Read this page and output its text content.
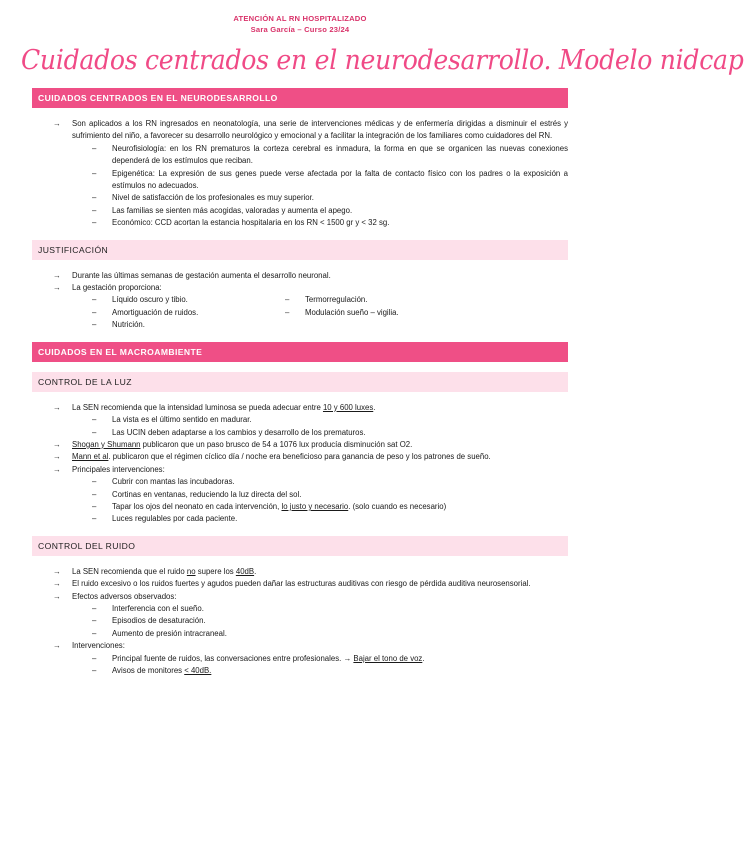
ATENCIÓN AL RN HOSPITALIZADO
Sara García – Curso 23/24
Cuidados centrados en el neurodesarrollo. Modelo nidcap
CUIDADOS CENTRADOS EN EL NEURODESARROLLO
→ Son aplicados a los RN ingresados en neonatología, una serie de intervenciones médicas y de enfermería dirigidas a disminuir el estrés y sufrimiento del niño, a favorecer su desarrollo neurológico y emocional y a facilitar la integración de los familiares como cuidadores del RN.
– Neurofisiología: en los RN prematuros la corteza cerebral es inmadura, la forma en que se organicen las nuevas conexiones dependerá de los estímulos que reciban.
– Epigenética: La expresión de sus genes puede verse afectada por la falta de contacto físico con los padres o la exposición a estímulos no adecuados.
– Nivel de satisfacción de los profesionales es muy superior.
– Las familias se sienten más acogidas, valoradas y aumenta el apego.
– Económico: CCD acortan la estancia hospitalaria en los RN < 1500 gr y < 32 sg.
JUSTIFICACIÓN
→ Durante las últimas semanas de gestación aumenta el desarrollo neuronal.
→ La gestación proporciona:
– Líquido oscuro y tibio.
– Amortiguación de ruidos.
– Nutrición.
– Termorregulación.
– Modulación sueño – vigilia.
CUIDADOS EN EL MACROAMBIENTE
CONTROL DE LA LUZ
→ La SEN recomienda que la intensidad luminosa se pueda adecuar entre 10 y 600 luxes.
– La vista es el último sentido en madurar.
– Las UCIN deben adaptarse a los cambios y desarrollo de los prematuros.
→ Shogan y Shumann publicaron que un paso brusco de 54 a 1076 lux producía disminución sat O2.
→ Mann et al. publicaron que el régimen cíclico día / noche era beneficioso para ganancia de peso y los patrones de sueño.
→ Principales intervenciones:
– Cubrir con mantas las incubadoras.
– Cortinas en ventanas, reduciendo la luz directa del sol.
– Tapar los ojos del neonato en cada intervención, lo justo y necesario. (solo cuando es necesario)
– Luces regulables por cada paciente.
CONTROL DEL RUIDO
→ La SEN recomienda que el ruido no supere los 40dB.
→ El ruido excesivo o los ruidos fuertes y agudos pueden dañar las estructuras auditivas con riesgo de pérdida auditiva neurosensorial.
→ Efectos adversos observados:
– Interferencia con el sueño.
– Episodios de desaturación.
– Aumento de presión intracraneal.
→ Intervenciones:
– Principal fuente de ruidos, las conversaciones entre profesionales. → Bajar el tono de voz.
– Avisos de monitores < 40dB.
